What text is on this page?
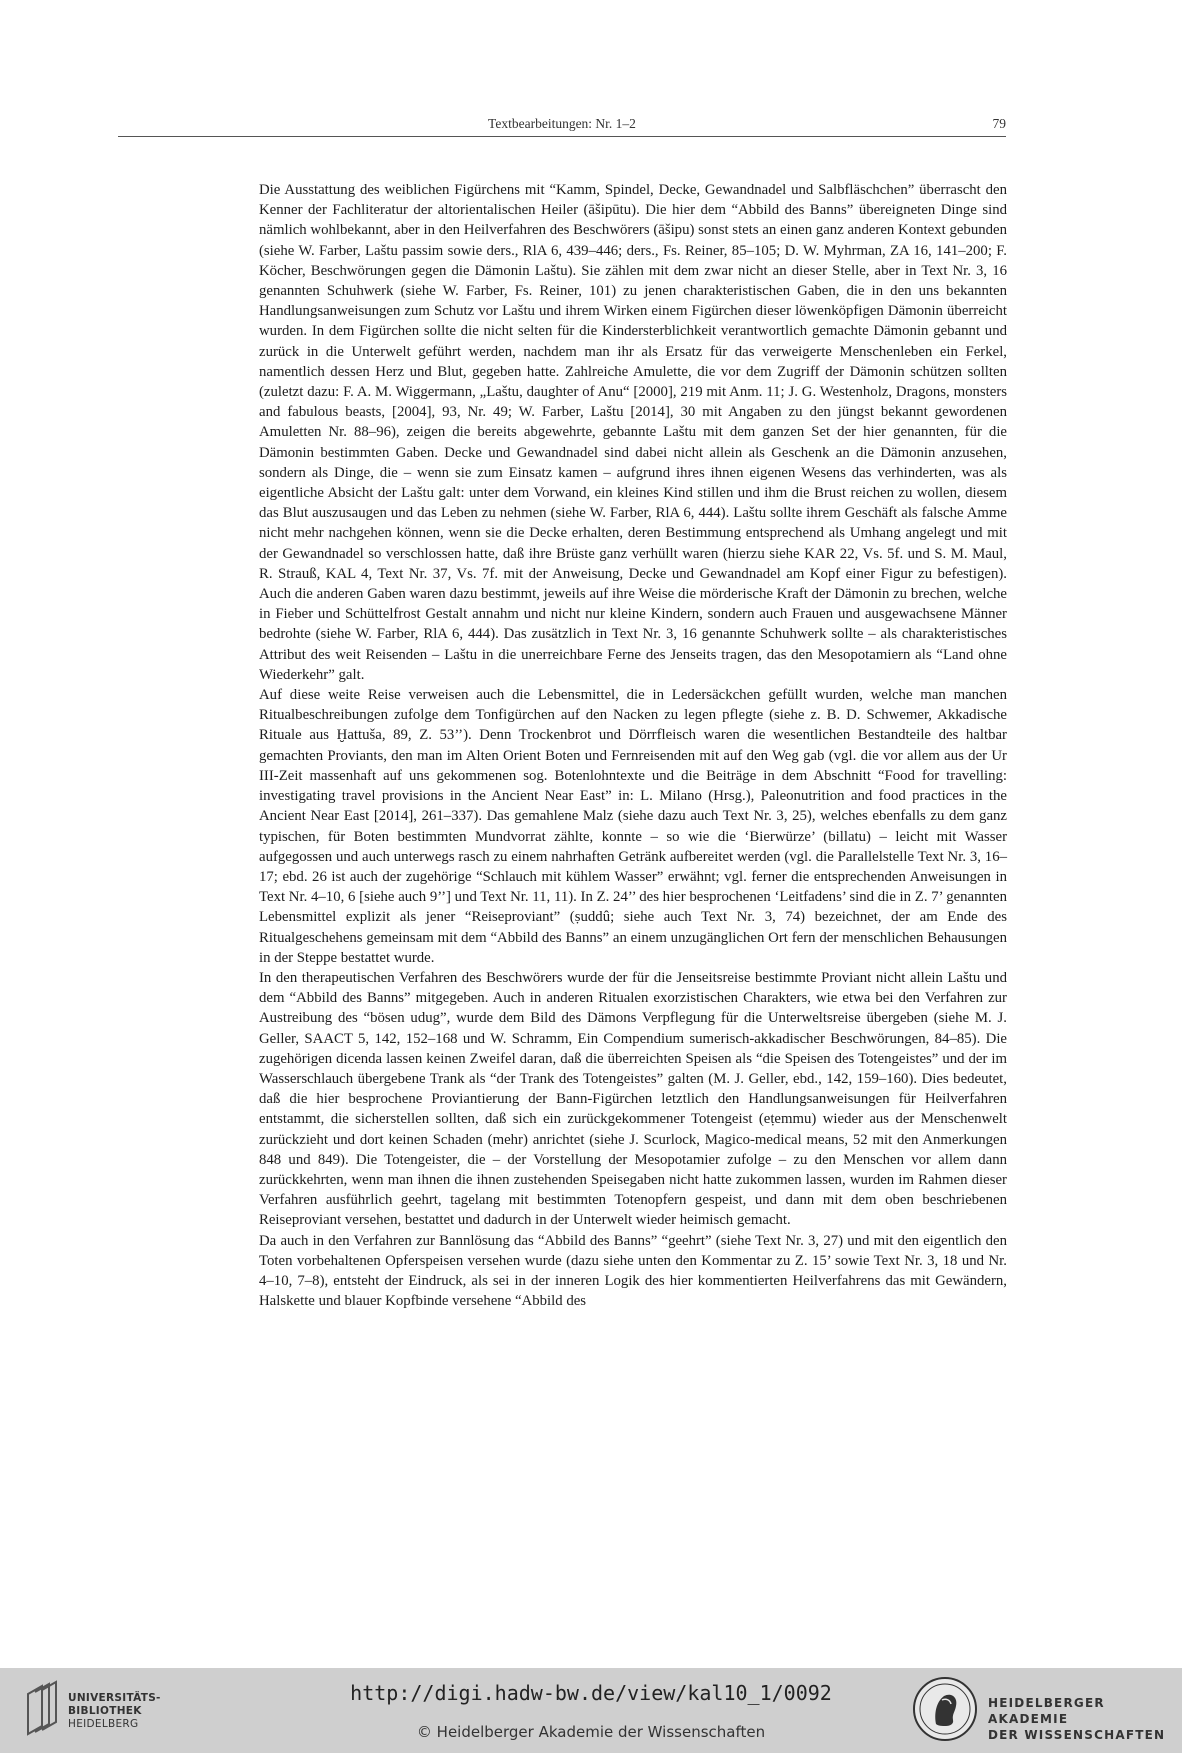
Textbearbeitungen: Nr. 1–2	79

Die Ausstattung des weiblichen Figürchens mit “Kamm, Spindel, Decke, Gewandnadel und Salbfläschchen” überrascht den Kenner der Fachliteratur der altorientalischen Heiler (āšipūtu). Die hier dem “Abbild des Banns” übereigneten Dinge sind nämlich wohlbekannt, aber in den Heilverfahren des Beschwörers (āšipu) sonst stets an einen ganz anderen Kontext gebunden (siehe W. Farber, Laštu passim sowie ders., RlA 6, 439–446; ders., Fs. Reiner, 85–105; D. W. Myhrman, ZA 16, 141–200; F. Köcher, Beschwörungen gegen die Dämonin Laštu). Sie zählen mit dem zwar nicht an dieser Stelle, aber in Text Nr. 3, 16 genannten Schuhwerk (siehe W. Farber, Fs. Reiner, 101) zu jenen charakteristischen Gaben, die in den uns bekannten Handlungsanweisungen zum Schutz vor Laštu und ihrem Wirken einem Figürchen dieser löwenköpfigen Dämonin überreicht wurden. In dem Figürchen sollte die nicht selten für die Kindersterblichkeit verantwortlich gemachte Dämonin gebannt und zurück in die Unterwelt geführt werden, nachdem man ihr als Ersatz für das verweigerte Menschenleben ein Ferkel, namentlich dessen Herz und Blut, gegeben hatte. Zahlreiche Amulette, die vor dem Zugriff der Dämonin schützen sollten (zuletzt dazu: F. A. M. Wiggermann, „Laštu, daughter of Anu“ [2000], 219 mit Anm. 11; J. G. Westenholz, Dragons, monsters and fabulous beasts, [2004], 93, Nr. 49; W. Farber, Laštu [2014], 30 mit Angaben zu den jüngst bekannt gewordenen Amuletten Nr. 88–96), zeigen die bereits abgewehrte, gebannte Laštu mit dem ganzen Set der hier genannten, für die Dämonin bestimmten Gaben. Decke und Gewandnadel sind dabei nicht allein als Geschenk an die Dämonin anzusehen, sondern als Dinge, die – wenn sie zum Einsatz kamen – aufgrund ihres ihnen eigenen Wesens das verhinderten, was als eigentliche Absicht der Laštu galt: unter dem Vorwand, ein kleines Kind stillen und ihm die Brust reichen zu wollen, diesem das Blut auszusaugen und das Leben zu nehmen (siehe W. Farber, RlA 6, 444). Laštu sollte ihrem Geschäft als falsche Amme nicht mehr nachgehen können, wenn sie die Decke erhalten, deren Bestimmung entsprechend als Umhang angelegt und mit der Gewandnadel so verschlossen hatte, daß ihre Brüste ganz verhüllt waren (hierzu siehe KAR 22, Vs. 5f. und S. M. Maul, R. Strauß, KAL 4, Text Nr. 37, Vs. 7f. mit der Anweisung, Decke und Gewandnadel am Kopf einer Figur zu befestigen). Auch die anderen Gaben waren dazu bestimmt, jeweils auf ihre Weise die mörderische Kraft der Dämonin zu brechen, welche in Fieber und Schüttelfrost Gestalt annahm und nicht nur kleine Kindern, sondern auch Frauen und ausgewachsene Männer bedrohte (siehe W. Farber, RlA 6, 444). Das zusätzlich in Text Nr. 3, 16 genannte Schuhwerk sollte – als charakteristisches Attribut des weit Reisenden – Laštu in die unerreichbare Ferne des Jenseits tragen, das den Mesopotamiern als “Land ohne Wiederkehr” galt.

Auf diese weite Reise verweisen auch die Lebensmittel, die in Ledersäckchen gefüllt wurden, welche man manchen Ritualbeschreibungen zufolge dem Tonfigürchen auf den Nacken zu legen pflegte (siehe z. B. D. Schwemer, Akkadische Rituale aus Ḫattuša, 89, Z. 53’’). Denn Trockenbrot und Dörrfleisch waren die wesentlichen Bestandteile des haltbar gemachten Proviants, den man im Alten Orient Boten und Fernreisenden mit auf den Weg gab (vgl. die vor allem aus der Ur III-Zeit massenhaft auf uns gekommenen sog. Botenlohntexte und die Beiträge in dem Abschnitt “Food for travelling: investigating travel provisions in the Ancient Near East” in: L. Milano (Hrsg.), Paleonutrition and food practices in the Ancient Near East [2014], 261–337). Das gemahlene Malz (siehe dazu auch Text Nr. 3, 25), welches ebenfalls zu dem ganz typischen, für Boten bestimmten Mundvorrat zählte, konnte – so wie die ‘Bierwürze’ (billatu) – leicht mit Wasser aufgegossen und auch unterwegs rasch zu einem nahrhaften Getränk aufbereitet werden (vgl. die Parallelstelle Text Nr. 3, 16–17; ebd. 26 ist auch der zugehörige “Schlauch mit kühlem Wasser” erwähnt; vgl. ferner die entsprechenden Anweisungen in Text Nr. 4–10, 6 [siehe auch 9’’] und Text Nr. 11, 11). In Z. 24’’ des hier besprochenen ‘Leitfadens’ sind die in Z. 7’ genannten Lebensmittel explizit als jener “Reiseproviant” (ṣuddû; siehe auch Text Nr. 3, 74) bezeichnet, der am Ende des Ritualgeschehens gemeinsam mit dem “Abbild des Banns” an einem unzugänglichen Ort fern der menschlichen Behausungen in der Steppe bestattet wurde.

In den therapeutischen Verfahren des Beschwörers wurde der für die Jenseitsreise bestimmte Proviant nicht allein Laštu und dem “Abbild des Banns” mitgegeben. Auch in anderen Ritualen exorzistischen Charakters, wie etwa bei den Verfahren zur Austreibung des “bösen udug”, wurde dem Bild des Dämons Verpflegung für die Unterweltsreise übergeben (siehe M. J. Geller, SAACT 5, 142, 152–168 und W. Schramm, Ein Compendium sumerisch-akkadischer Beschwörungen, 84–85). Die zugehörigen dicenda lassen keinen Zweifel daran, daß die überreichten Speisen als “die Speisen des Totengeistes” und der im Wasserschlauch übergebene Trank als “der Trank des Totengeistes” galten (M. J. Geller, ebd., 142, 159–160). Dies bedeutet, daß die hier besprochene Proviantierung der Bann-Figürchen letztlich den Handlungsanweisungen für Heilverfahren entstammt, die sicherstellen sollten, daß sich ein zurückgekommener Totengeist (eṭemmu) wieder aus der Menschenwelt zurückzieht und dort keinen Schaden (mehr) anrichtet (siehe J. Scurlock, Magico-medical means, 52 mit den Anmerkungen 848 und 849). Die Totengeister, die – der Vorstellung der Mesopotamier zufolge – zu den Menschen vor allem dann zurückkehrten, wenn man ihnen die ihnen zustehenden Speisegaben nicht hatte zukommen lassen, wurden im Rahmen dieser Verfahren ausführlich geehrt, tagelang mit bestimmten Totenopfern gespeist, und dann mit dem oben beschriebenen Reiseproviant versehen, bestattet und dadurch in der Unterwelt wieder heimisch gemacht.

Da auch in den Verfahren zur Bannlösung das “Abbild des Banns” “geehrt” (siehe Text Nr. 3, 27) und mit den eigentlich den Toten vorbehaltenen Opferspeisen versehen wurde (dazu siehe unten den Kommentar zu Z. 15’ sowie Text Nr. 3, 18 und Nr. 4–10, 7–8), entsteht der Eindruck, als sei in der inneren Logik des hier kommentierten Heilverfahrens das mit Gewändern, Halskette und blauer Kopfbinde versehene “Abbild des

UNIVERSITÄTS-
BIBLIOTHEK
HEIDELBERG
http://digi.hadw-bw.de/view/kal10_1/0092
© Heidelberger Akademie der Wissenschaften
HEIDELBERGER AKADEMIE
DER WISSENSCHAFTEN
